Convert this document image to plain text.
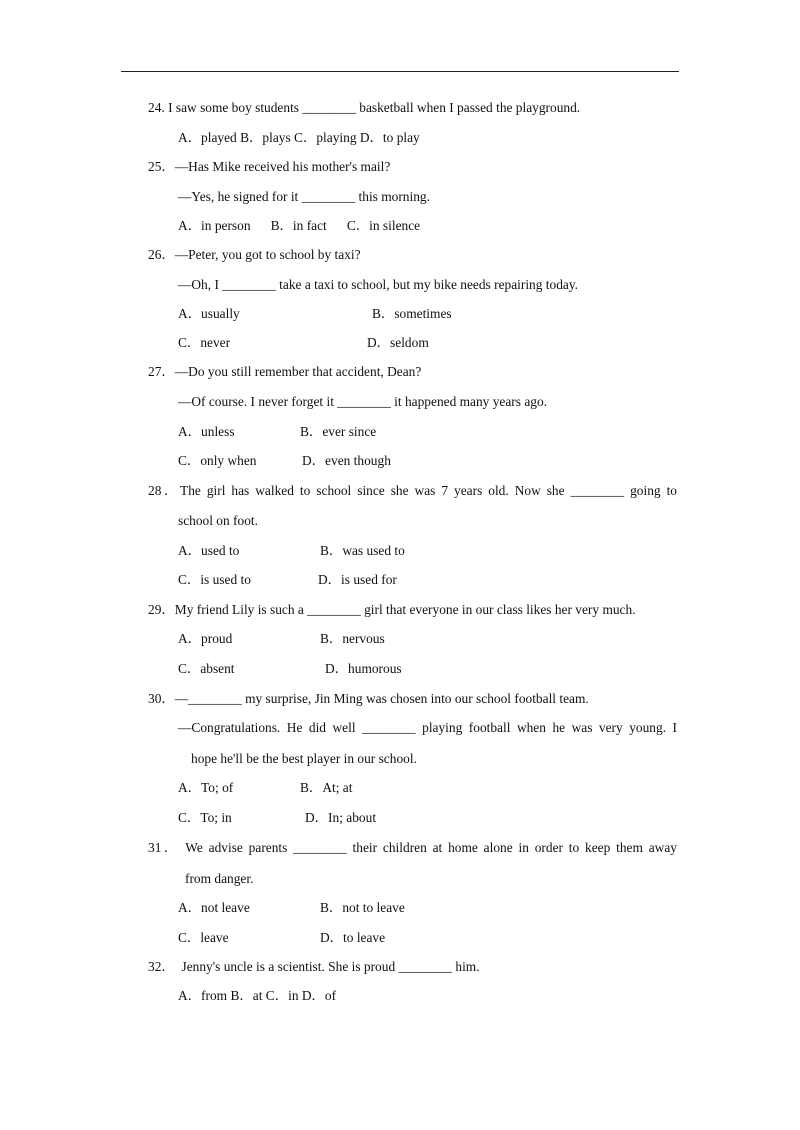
24. I saw some boy students ________ basketball when I passed the playground.
A．played B．plays C．playing D．to play
25．—Has Mike received his mother's mail?
—Yes, he signed for it ________ this morning.
A．in person      B．in fact      C．in silence
26．—Peter, you got to school by taxi?
—Oh, I ________ take a taxi to school, but my bike needs repairing today.
A．usually	B．sometimes
C．never	D．seldom
27．—Do you still remember that accident, Dean?
—Of course. I never forget it ________ it happened many years ago.
A．unless	B．ever since
C．only when	D．even though
28．The girl has walked to school since she was 7 years old. Now she ________ going to
school on foot.
A．used to	B．was used to
C．is used to	D．is used for
29．My friend Lily is such a ________ girl that everyone in our class likes her very much.
A．proud	B．nervous
C．absent	D．humorous
30．—________ my surprise, Jin Ming was chosen into our school football team.
—Congratulations. He did well ________ playing football when he was very young. I
hope he'll be the best player in our school.
A．To; of	B．At; at
C．To; in	D．In; about
31． We advise parents ________ their children at home alone in order to keep them away
from danger.
A．not leave	B．not to leave
C．leave	D．to leave
32．  Jenny's uncle is a scientist. She is proud ________ him.
A．from B．at C．in D．of
